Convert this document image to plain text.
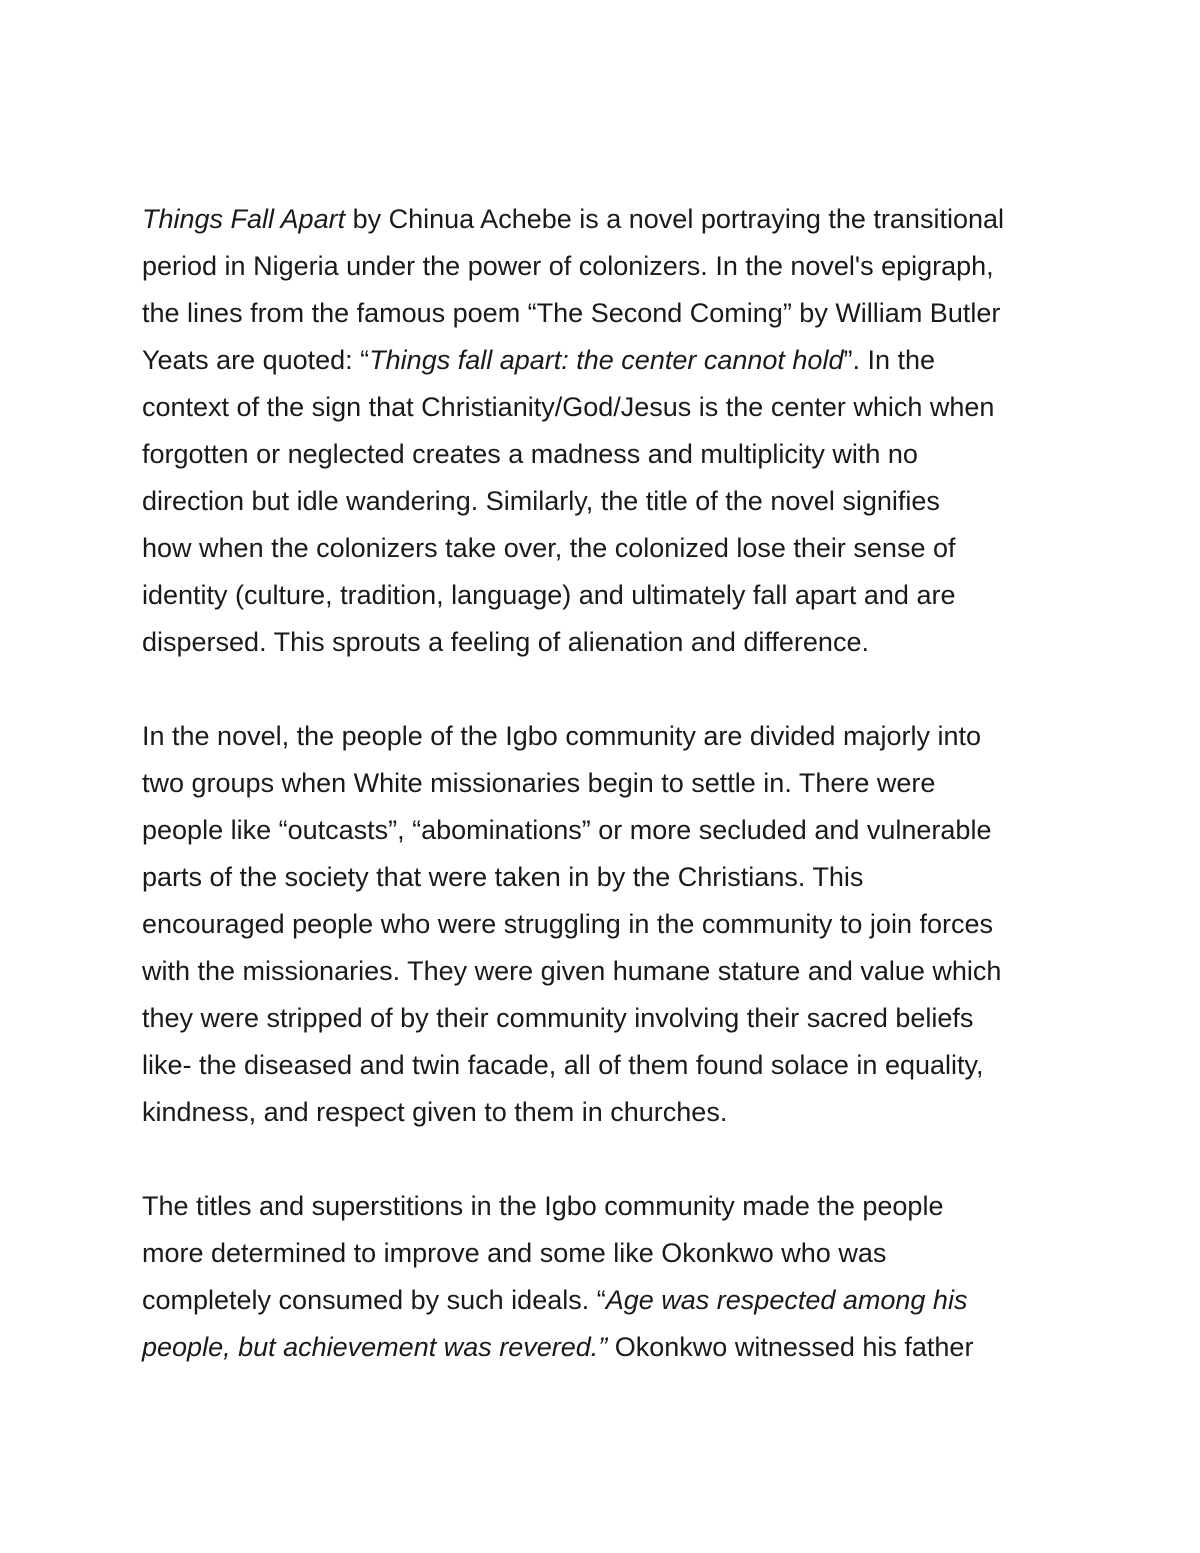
Things Fall Apart by Chinua Achebe is a novel portraying the transitional
period in Nigeria under the power of colonizers. In the novel's epigraph,
the lines from the famous poem “The Second Coming” by William Butler
Yeats are quoted: “Things fall apart: the center cannot hold”. In the
context of the sign that Christianity/God/Jesus is the center which when
forgotten or neglected creates a madness and multiplicity with no
direction but idle wandering. Similarly, the title of the novel signifies
how when the colonizers take over, the colonized lose their sense of
identity (culture, tradition, language) and ultimately fall apart and are
dispersed. This sprouts a feeling of alienation and difference.
In the novel, the people of the Igbo community are divided majorly into
two groups when White missionaries begin to settle in. There were
people like “outcasts”, “abominations” or more secluded and vulnerable
parts of the society that were taken in by the Christians. This
encouraged people who were struggling in the community to join forces
with the missionaries. They were given humane stature and value which
they were stripped of by their community involving their sacred beliefs
like- the diseased and twin facade, all of them found solace in equality,
kindness, and respect given to them in churches.
The titles and superstitions in the Igbo community made the people
more determined to improve and some like Okonkwo who was
completely consumed by such ideals. “Age was respected among his
people, but achievement was revered.” Okonkwo witnessed his father
